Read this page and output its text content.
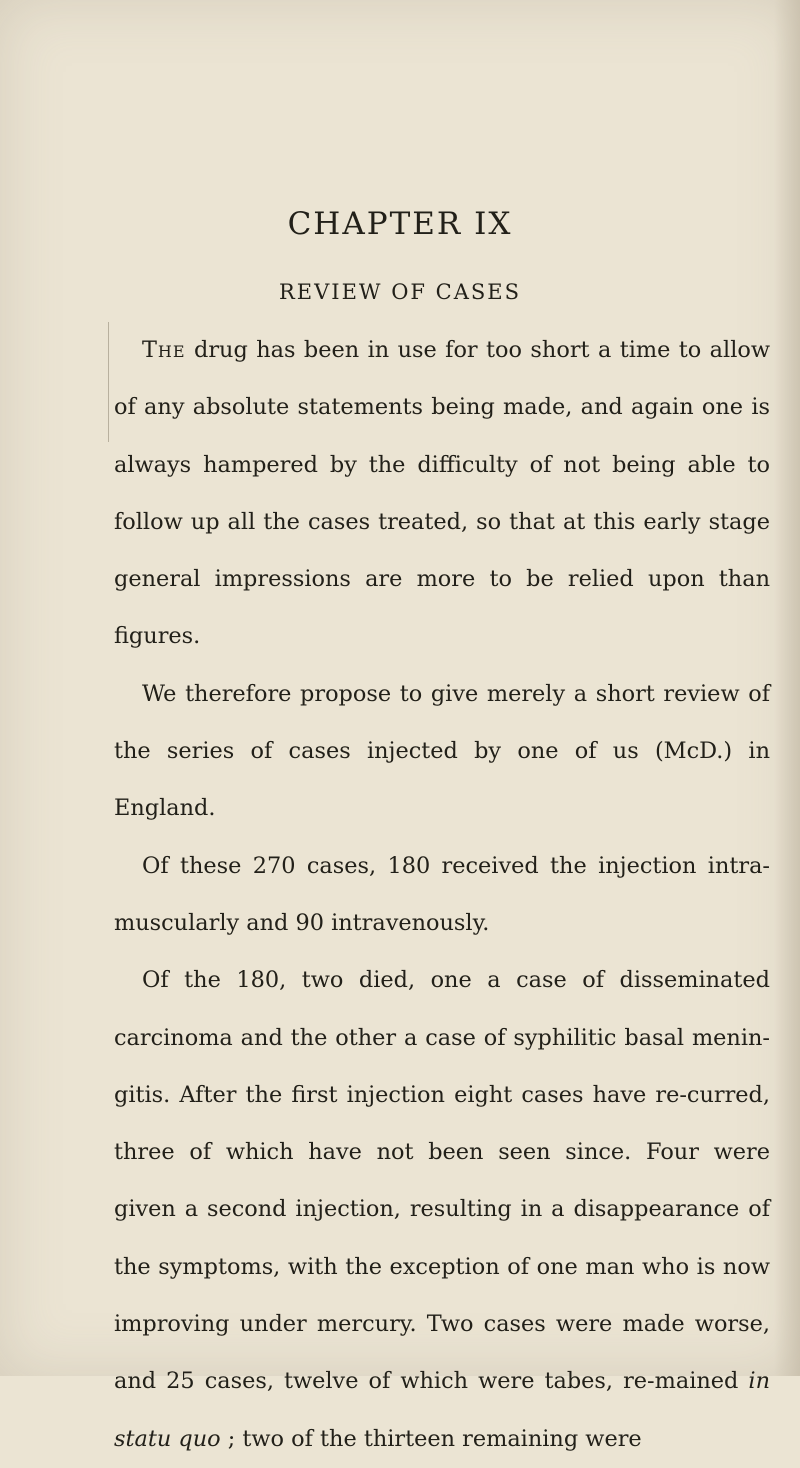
CHAPTER IX
REVIEW OF CASES

The drug has been in use for too short a time to allow of any absolute statements being made, and again one is always hampered by the difficulty of not being able to follow up all the cases treated, so that at this early stage general impressions are more to be relied upon than figures.

We therefore propose to give merely a short review of the series of cases injected by one of us (McD.) in England.

Of these 270 cases, 180 received the injection intra-muscularly and 90 intravenously.

Of the 180, two died, one a case of disseminated carcinoma and the other a case of syphilitic basal menin-gitis. After the first injection eight cases have re-curred, three of which have not been seen since. Four were given a second injection, resulting in a disappearance of the symptoms, with the exception of one man who is now improving under mercury. Two cases were made worse, and 25 cases, twelve of which were tabes, re-mained in statu quo ; two of the thirteen remaining were
